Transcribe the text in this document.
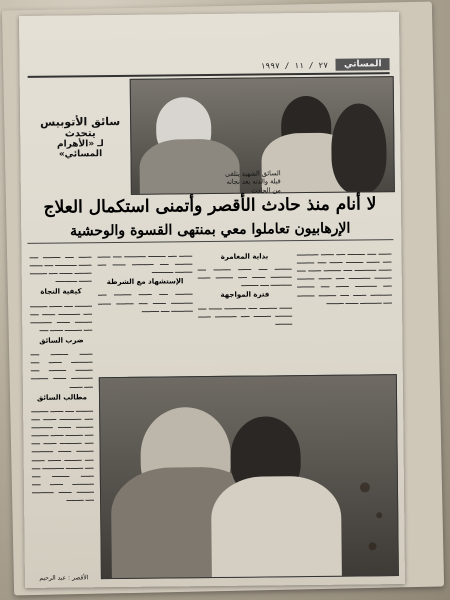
المساتي
٢٧ / ١١ / ١٩٩٧
السائق الشهيد يتلقى قبلة والدته بعد نجاته من الحادث
سائق الأتوبيس
يتحدث
لـ «الأهرام المسائي»
لا أنام منذ حادث الأقصر وأتمنى استكمال العلاج
الإرهابيون تعاملوا معي بمنتهى القسوة والوحشية
▁▁▁ ▁▁ ▁▁▁▁ ▁▁ ▁▁▁ ▁▁▁▁▁ ▁▁ ▁▁▁ ▁▁▁▁ ▁▁▁ ▁▁ ▁▁▁▁ ▁▁▁ ▁▁▁▁▁ ▁▁ ▁▁▁▁ ▁▁▁ ▁▁ ▁▁▁▁ ▁▁▁▁▁ ▁▁ ▁▁▁ ▁▁▁▁ ▁▁ ▁▁▁▁▁ ▁▁▁ ▁▁ ▁▁▁▁ ▁▁▁▁▁ ▁▁▁ ▁▁ ▁▁▁▁ ▁▁▁▁ ▁▁ ▁▁▁▁▁ ▁▁▁ ▁▁▁▁
بداية المغامرة
▁▁▁▁ ▁▁ ▁▁▁ ▁▁▁▁ ▁▁ ▁▁▁▁▁ ▁▁▁ ▁▁ ▁▁▁▁ ▁▁▁ ▁▁▁▁▁ ▁▁ ▁▁▁▁
فترة المواجهة
▁▁▁ ▁▁▁▁ ▁▁ ▁▁▁▁▁ ▁▁▁ ▁▁ ▁▁▁▁ ▁▁▁▁ ▁▁ ▁▁▁▁▁ ▁▁▁ ▁▁▁▁
▁▁▁ ▁▁ ▁▁▁▁ ▁▁▁▁▁ ▁▁ ▁▁▁ ▁▁▁▁ ▁▁ ▁▁▁▁▁ ▁▁▁ ▁▁ ▁▁▁▁ ▁▁▁▁▁
الإستشهاد مع الشرطة
▁▁▁▁ ▁▁ ▁▁▁ ▁▁▁▁ ▁▁ ▁▁▁▁▁ ▁▁▁ ▁▁ ▁▁▁▁ ▁▁▁ ▁▁▁▁▁ ▁▁ ▁▁▁▁
▁▁▁ ▁▁ ▁▁▁▁ ▁▁ ▁▁▁ ▁▁▁▁▁ ▁▁ ▁▁▁ ▁▁▁▁ ▁▁▁ ▁▁ ▁▁▁▁ ▁▁▁ ▁▁▁▁▁
كيفية النجاة
▁▁▁▁ ▁▁ ▁▁▁ ▁▁▁▁ ▁▁ ▁▁▁▁▁ ▁▁▁ ▁▁ ▁▁▁▁ ▁▁▁ ▁▁▁▁▁ ▁▁ ▁▁▁▁ ▁▁▁ ▁▁
ضرب السائق
▁▁▁ ▁▁▁▁ ▁▁ ▁▁▁▁▁ ▁▁▁ ▁▁ ▁▁▁▁ ▁▁▁▁ ▁▁ ▁▁▁▁▁ ▁▁▁ ▁▁▁▁ ▁▁ ▁▁▁
مطالب السائق
▁▁▁▁ ▁▁ ▁▁▁ ▁▁▁▁ ▁▁ ▁▁▁▁▁ ▁▁▁ ▁▁ ▁▁▁▁ ▁▁▁ ▁▁▁▁▁ ▁▁ ▁▁▁▁ ▁▁▁ ▁▁▁▁ ▁▁ ▁▁▁▁▁ ▁▁▁ ▁▁ ▁▁▁▁ ▁▁▁ ▁▁▁▁▁ ▁▁ ▁▁▁▁ ▁▁▁ ▁▁▁ ▁▁ ▁▁▁▁ ▁▁▁▁▁ ▁▁ ▁▁▁ ▁▁▁▁ ▁▁ ▁▁▁▁▁ ▁▁▁ ▁▁ ▁▁▁▁ ▁▁▁ ▁▁▁▁▁ ▁▁ ▁▁▁▁
الأقصر : عبد الرحيم
